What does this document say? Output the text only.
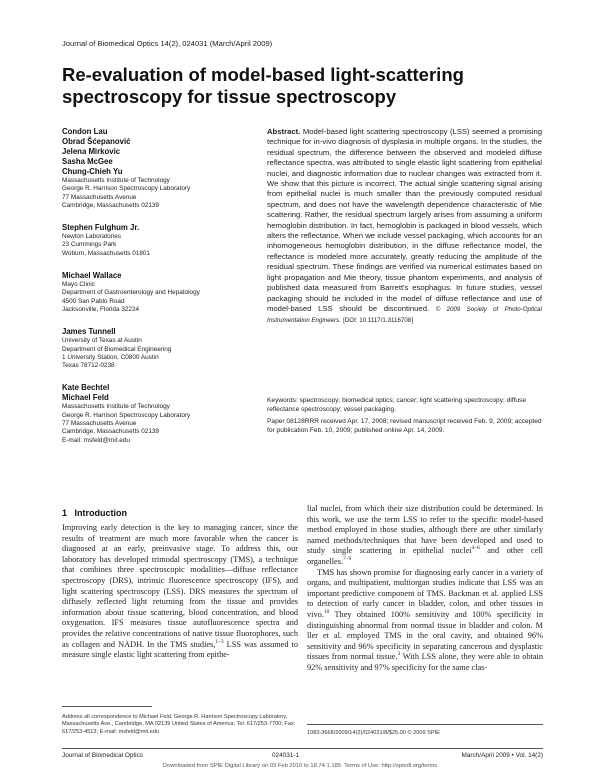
Journal of Biomedical Optics 14(2), 024031 (March/April 2009)
Re-evaluation of model-based light-scattering spectroscopy for tissue spectroscopy
Condon Lau
Obrad Šćepanović
Jelena Mirkovic
Sasha McGee
Chung-Chieh Yu
Massachusetts Institute of Technology
George R. Harrison Spectroscopy Laboratory
77 Massachusetts Avenue
Cambridge, Massachusetts 02139
Stephen Fulghum Jr.
Newton Laboratories
23 Cummings Park
Woburn, Massachusetts 01801
Michael Wallace
Mayo Clinic
Department of Gastroenterology and Hepatology
4500 San Pablo Road
Jacksonville, Florida 32224
James Tunnell
University of Texas at Austin
Department of Biomedical Engineering
1 University Station, C0800 Austin
Texas 78712-0238
Kate Bechtel
Michael Feld
Massachusetts Institute of Technology
George R. Harrison Spectroscopy Laboratory
77 Massachusetts Avenue
Cambridge, Massachusetts 02139
E-mail: msfeld@mit.edu
Abstract. Model-based light scattering spectroscopy (LSS) seemed a promising technique for in-vivo diagnosis of dysplasia in multiple organs. In the studies, the residual spectrum, the difference between the observed and modeled diffuse reflectance spectra, was attributed to single elastic light scattering from epithelial nuclei, and diagnostic information due to nuclear changes was extracted from it. We show that this picture is incorrect. The actual single scattering signal arising from epithelial nuclei is much smaller than the previously computed residual spectrum, and does not have the wavelength dependence characteristic of Mie scattering. Rather, the residual spectrum largely arises from assuming a uniform hemoglobin distribution. In fact, hemoglobin is packaged in blood vessels, which alters the reflectance. When we include vessel packaging, which accounts for an inhomogeneous hemoglobin distribution, in the diffuse reflectance model, the reflectance is modeled more accurately, greatly reducing the amplitude of the residual spectrum. These findings are verified via numerical estimates based on light propagation and Mie theory, tissue phantom experiments, and analysis of published data measured from Barrett's esophagus. In future studies, vessel packaging should be included in the model of diffuse reflectance and use of model-based LSS should be discontinued. © 2009 Society of Photo-Optical Instrumentation Engineers. [DOI: 10.1117/1.3116708]
Keywords: spectroscopy; biomedical optics; cancer; light scattering spectroscopy; diffuse reflectance spectroscopy; vessel packaging.
Paper 08128RRR received Apr. 17, 2008; revised manuscript received Feb. 9, 2009; accepted for publication Feb. 10, 2009; published online Apr. 14, 2009.
1 Introduction

Improving early detection is the key to managing cancer, since the results of treatment are much more favorable when the cancer is diagnosed at an early, preinvasive stage. To address this, our laboratory has developed trimodal spectroscopy (TMS), a technique that combines three spectroscopic modalities—diffuse reflectance spectroscopy (DRS), intrinsic fluorescence spectroscopy (IFS), and light scattering spectroscopy (LSS). DRS measures the spectrum of diffusely reflected light returning from the tissue and provides information about tissue scattering, blood concentration, and blood oxygenation. IFS measures tissue autofluorescence spectra and provides the relative concentrations of native tissue fluorophores, such as collagen and NADH. In the TMS studies,$^{1-3}$ LSS was assumed to measure single elastic light scattering from epithe-

lial nuclei, from which their size distribution could be determined. In this work, we use the term LSS to refer to the specific model-based method employed in those studies, although there are other similarly named methods/techniques that have been developed and used to study single scattering in epithelial nuclei$^{4-6}$ and other cell organelles.$^{7-9}$

TMS has shown promise for diagnosing early cancer in a variety of organs, and multipatient, multiorgan studies indicate that LSS was an important predictive component of TMS. Backman et al. applied LSS to detection of early cancer in bladder, colon, and other tissues in vivo.$^{10}$ They obtained 100% sensitivity and 100% specificity in distinguishing abnormal from normal tissue in bladder and colon. M ller et al. employed TMS in the oral cavity, and obtained 96% sensitivity and 96% specificity in separating cancerous and dysplastic tissues from normal tissue.$^3$ With LSS alone, they were able to obtain 92% sensitivity and 97% specificity for the same clas-

Address all correspondence to Michael Feld, George R. Harrison Spectroscopy Laboratory, Massachusetts Ave., Cambridge, MA 02139 United States of America; Tel: 617/253-7700; Fax: 617/253-4513; E-mail: msfeld@mit.edu	1083-3668/2009/14(2)/024031/8/$25.00 © 2009 SPIE
Journal of Biomedical Optics	024031-1	March/April 2009 • Vol. 14(2)
Downloaded from SPIE Digital Library on 03 Feb 2010 to 18.74.1.185. Terms of Use: http://spiedl.org/terms
